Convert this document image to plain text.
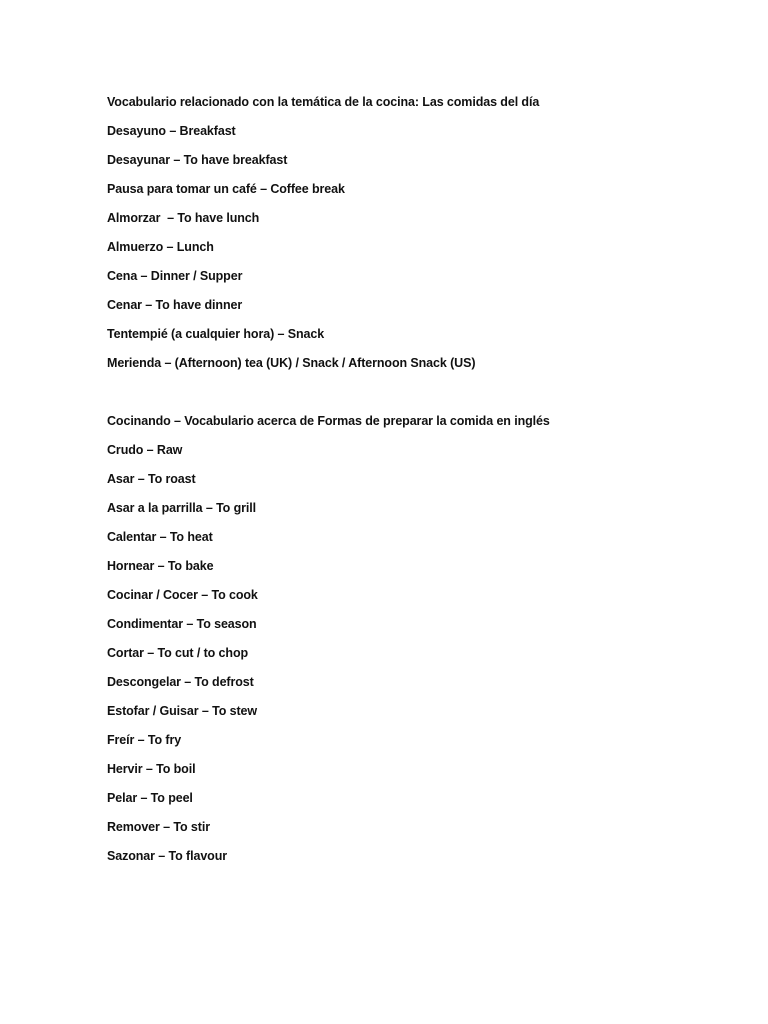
Vocabulario relacionado con la temática de la cocina: Las comidas del día
Desayuno – Breakfast
Desayunar – To have breakfast
Pausa para tomar un café – Coffee break
Almorzar  – To have lunch
Almuerzo – Lunch
Cena – Dinner / Supper
Cenar – To have dinner
Tentempié (a cualquier hora) – Snack
Merienda – (Afternoon) tea (UK) / Snack / Afternoon Snack (US)
Cocinando – Vocabulario acerca de Formas de preparar la comida en inglés
Crudo – Raw
Asar – To roast
Asar a la parrilla – To grill
Calentar – To heat
Hornear – To bake
Cocinar / Cocer – To cook
Condimentar – To season
Cortar – To cut / to chop
Descongelar – To defrost
Estofar / Guisar – To stew
Freír – To fry
Hervir – To boil
Pelar – To peel
Remover – To stir
Sazonar – To flavour
